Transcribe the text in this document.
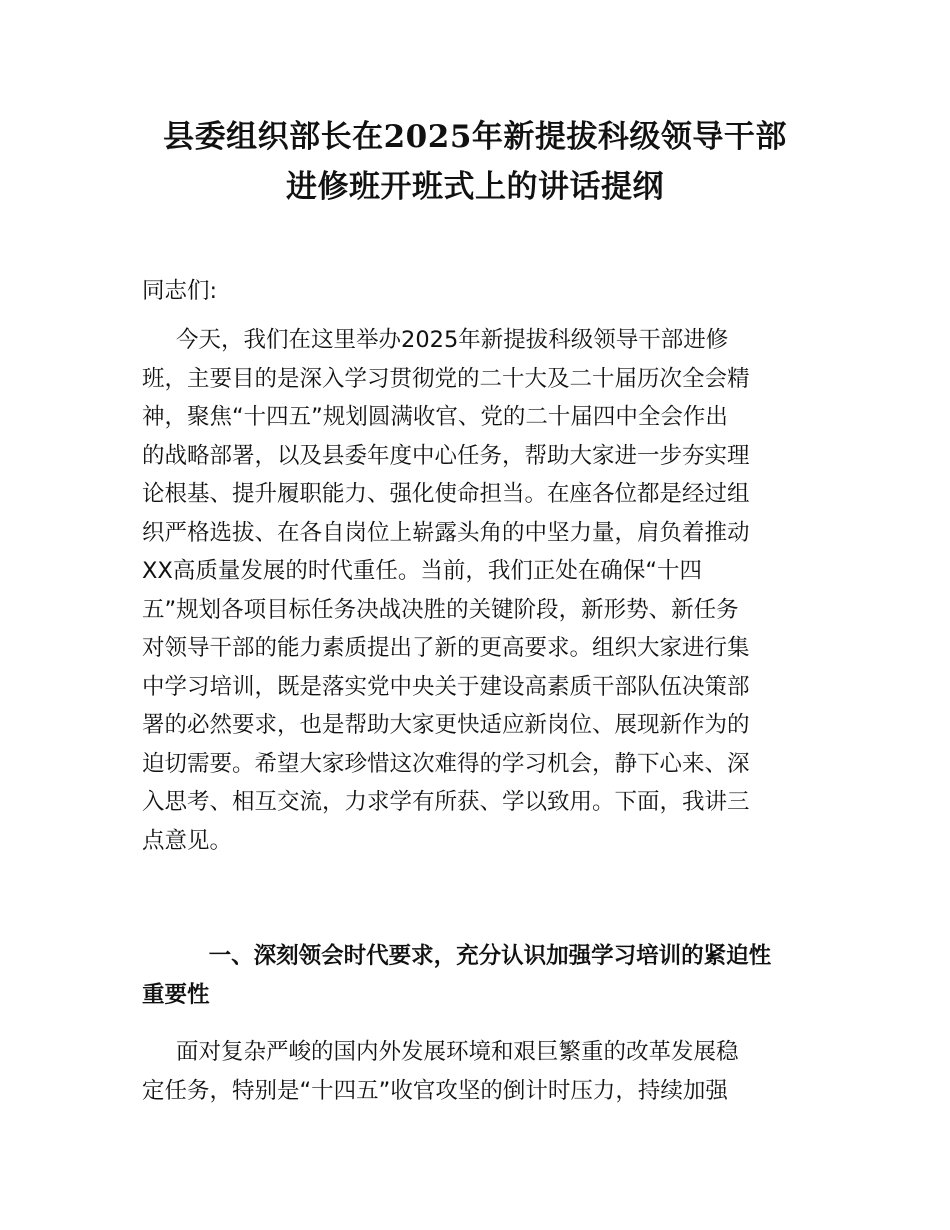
县委组织部长在2025年新提拔科级领导干部
进修班开班式上的讲话提纲

同志们:

今天，我们在这里举办2025年新提拔科级领导干部进修
班，主要目的是深入学习贯彻党的二十大及二十届历次全会精
神，聚焦“十四五”规划圆满收官、党的二十届四中全会作出
的战略部署，以及县委年度中心任务，帮助大家进一步夯实理
论根基、提升履职能力、强化使命担当。在座各位都是经过组
织严格选拔、在各自岗位上崭露头角的中坚力量，肩负着推动
XX高质量发展的时代重任。当前，我们正处在确保“十四
五”规划各项目标任务决战决胜的关键阶段，新形势、新任务
对领导干部的能力素质提出了新的更高要求。组织大家进行集
中学习培训，既是落实党中央关于建设高素质干部队伍决策部
署的必然要求，也是帮助大家更快适应新岗位、展现新作为的
迫切需要。希望大家珍惜这次难得的学习机会，静下心来、深
入思考、相互交流，力求学有所获、学以致用。下面，我讲三
点意见。
一、深刻领会时代要求，充分认识加强学习培训的紧迫性
重要性
面对复杂严峻的国内外发展环境和艰巨繁重的改革发展稳
定任务，特别是“十四五”收官攻坚的倒计时压力，持续加强
